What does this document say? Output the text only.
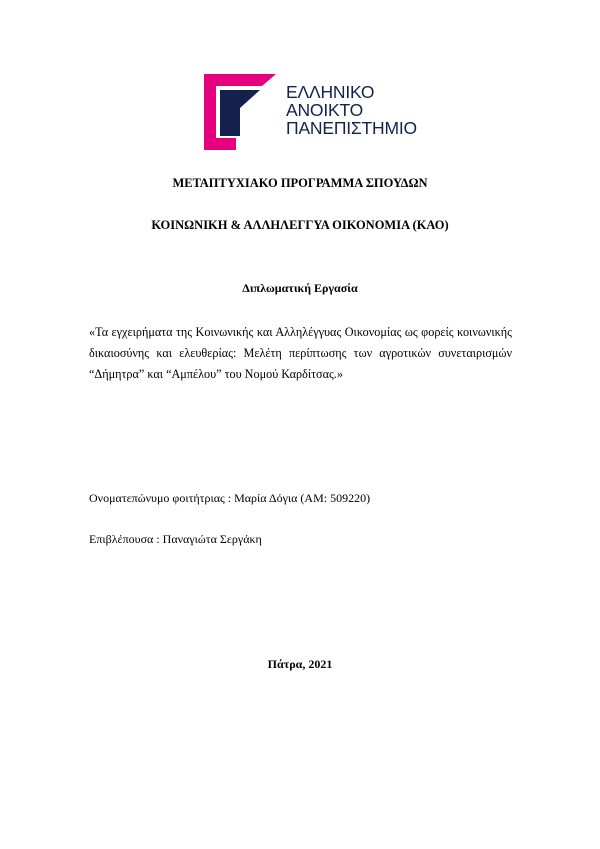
ΕΛΛΗΝΙΚΟ
ΑΝΟΙΚΤΟ
ΠΑΝΕΠΙΣΤΗΜΙΟ
ΜΕΤΑΠΤΥΧΙΑΚΟ ΠΡΟΓΡΑΜΜΑ ΣΠΟΥΔΩΝ
ΚΟΙΝΩΝΙΚΗ & ΑΛΛΗΛΕΓΓΥΑ ΟΙΚΟΝΟΜΙΑ (ΚΑΟ)
Διπλωματική Εργασία
«Τα εγχειρήματα της Κοινωνικής και Αλληλέγγυας Οικονομίας ως φορείς κοινωνικής
δικαιοσύνης και ελευθερίας: Μελέτη περίπτωσης των αγροτικών συνεταιρισμών
“Δήμητρα” και “Αμπέλου” του Νομού Καρδίτσας.»
Ονοματεπώνυμο φοιτήτριας : Μαρία Δόγια (ΑΜ: 509220)
Επιβλέπουσα : Παναγιώτα Σεργάκη
Πάτρα, 2021
